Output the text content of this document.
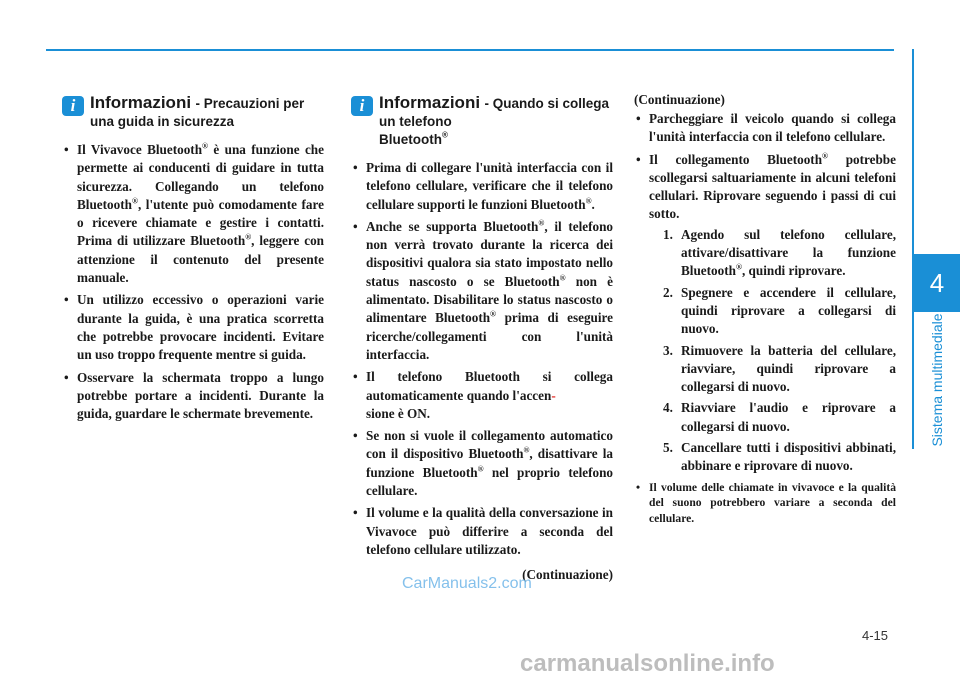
4
Sistema multimediale
i Informazioni - Precauzioni per una guida in sicurezza
• Il Vivavoce Bluetooth® è una funzione che permette ai conducenti di guidare in tutta sicurezza. Collegando un telefono Bluetooth®, l'utente può comodamente fare o ricevere chiamate e gestire i contatti. Prima di utilizzare Bluetooth®, leggere con attenzione il contenuto del presente manuale.
• Un utilizzo eccessivo o operazioni varie durante la guida, è una pratica scorretta che potrebbe provocare incidenti. Evitare un uso troppo frequente mentre si guida.
• Osservare la schermata troppo a lungo potrebbe portare a incidenti. Durante la guida, guardare le schermate brevemente.
i Informazioni - Quando si collega un telefono
Bluetooth®
• Prima di collegare l'unità interfaccia con il telefono cellulare, verificare che il telefono cellulare supporti le funzioni Bluetooth®.
• Anche se supporta Bluetooth®, il telefono non verrà trovato durante la ricerca dei dispositivi qualora sia stato impostato nello status nascosto o se Bluetooth® non è alimentato. Disabilitare lo status nascosto o alimentare Bluetooth® prima di eseguire ricerche/collegamenti con l'unità interfaccia.
• Il telefono Bluetooth si collega automaticamente quando l'accen-
sione è ON.
• Se non si vuole il collegamento automatico con il dispositivo Bluetooth®, disattivare la funzione Bluetooth® nel proprio telefono cellulare.
• Il volume e la qualità della conversazione in Vivavoce può differire a seconda del telefono cellulare utilizzato.
(Continuazione)
(Continuazione)
• Parcheggiare il veicolo quando si collega l'unità interfaccia con il telefono cellulare.
• Il collegamento Bluetooth® potrebbe scollegarsi saltuariamente in alcuni telefoni cellulari. Riprovare seguendo i passi di cui sotto.
1. Agendo sul telefono cellulare, attivare/disattivare la funzione Bluetooth®, quindi riprovare.
2. Spegnere e accendere il cellulare, quindi riprovare a collegarsi di nuovo.
3. Rimuovere la batteria del cellulare, riavviare, quindi riprovare a collegarsi di nuovo.
4. Riavviare l'audio e riprovare a collegarsi di nuovo.
5. Cancellare tutti i dispositivi abbinati, abbinare e riprovare di nuovo.
• Il volume delle chiamate in vivavoce e la qualità del suono potrebbero variare a seconda del cellulare.
CarManuals2.com
4-15
carmanualsonline.info
